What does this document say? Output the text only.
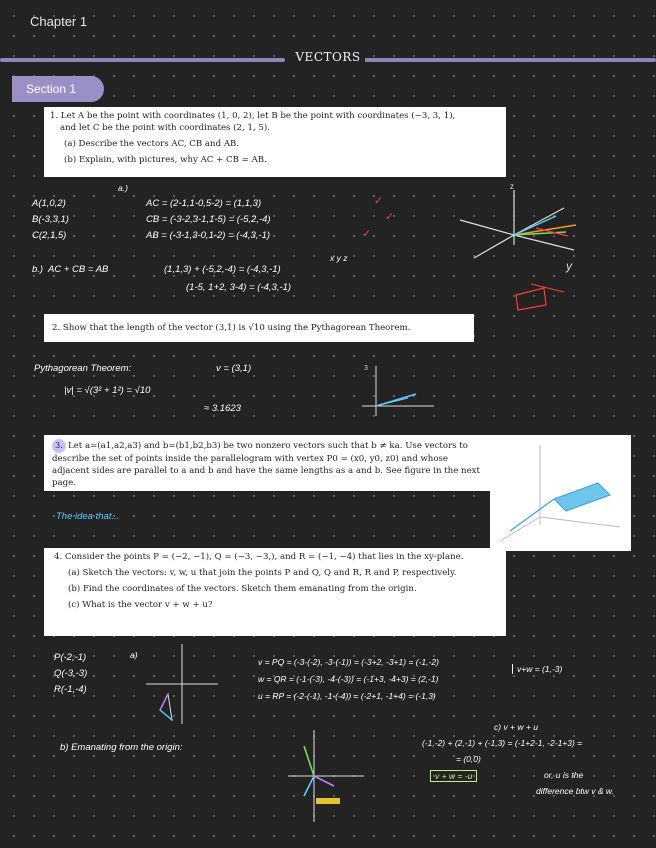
Chapter 1
VECTORS
Section 1

1. Let A be the point with coordinates (1, 0, 2), let B be the point with coordinates (−3, 3, 1),

and let C be the point with coordinates (2, 1, 5).

(a) Describe the vectors AC, CB and AB.

(b) Explain, with pictures, why AC + CB = AB.

a.)
A(1,0,2)
B(-3,3,1)
C(2,1,5)
AC = (2-1,1-0,5-2) = (1,1,3)
CB = (-3-2,3-1,1-5) = (-5,2,-4)
AB = (-3-1,3-0,1-2) = (-4,3,-1)
✓
✓
✓
x y z
b.) AC + CB = AB	(1,1,3) + (-5,2,-4) = (-4,3,-1)
(1-5, 1+2, 3-4) = (-4,3,-1)
z
y

2. Show that the length of the vector (3,1) is √10 using the Pythagorean Theorem.

Pythagorean Theorem:	v = (3,1)
|v| = √(3² + 1²) = √10
≈ 3.1623
3

3. Let a=(a1,a2,a3) and b=(b1,b2,b3) be two nonzero vectors such that b ≠ ka. Use vectors to describe the set of points inside the parallelogram with vertex P0 = (x0, y0, z0) and whose adjacent sides are parallel to a and b and have the same lengths as a and b. See figure in the next page.

The idea that...

4. Consider the points P = (−2, −1), Q = (−3, −3,), and R = (−1, −4) that lies in the xy-plane.

(a) Sketch the vectors: v, w, u that join the points P and Q, Q and R, R and P, respectively.

(b) Find the coordinates of the vectors. Sketch them emanating from the origin.

(c) What is the vector v + w + u?

P(-2,-1)
Q(-3,-3)
R(-1,-4)
a)
v = PQ = (-3-(-2), -3-(-1)) = (-3+2, -3+1) = (-1,-2)
w = QR = (-1-(-3), -4-(-3)) = (-1+3, -4+3) = (2,-1)
u = RP = (-2-(-1), -1-(-4)) = (-2+1, -1+4) = (-1,3)
v+w = (1,-3)
b) Emanating from the origin:
c) v + w + u
(-1,-2) + (2,-1) + (-1,3) = (-1+2-1, -2-1+3) =
= (0,0)
v + w = -u	or, u is the
difference btw v & w.
